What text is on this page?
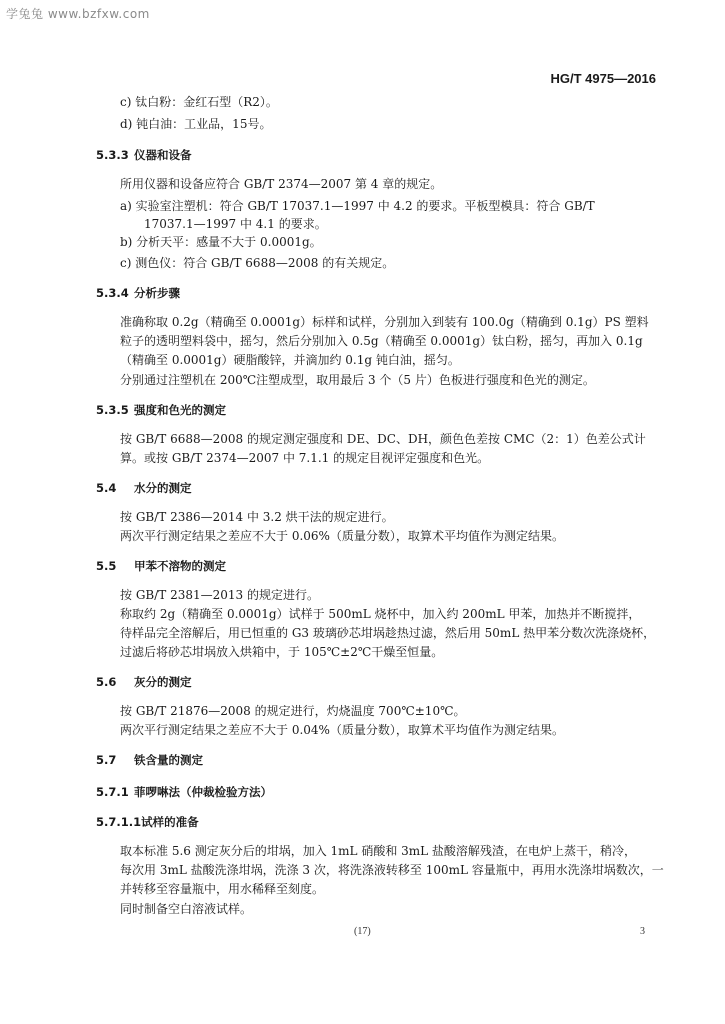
学兔兔 www.bzfxw.com
HG/T 4975—2016
c) 钛白粉：金红石型（R2）。
d) 钝白油：工业品，15号。
所用仪器和设备应符合 GB/T 2374—2007 第 4 章的规定。
a) 实验室注塑机：符合 GB/T 17037.1—1997 中 4.2 的要求。平板型模具：符合 GB/T
17037.1—1997 中 4.1 的要求。
b) 分析天平：感量不大于 0.0001g。
c) 测色仪：符合 GB/T 6688—2008 的有关规定。
准确称取 0.2g（精确至 0.0001g）标样和试样，分别加入到装有 100.0g（精确到 0.1g）PS 塑料
粒子的透明塑料袋中，摇匀，然后分别加入 0.5g（精确至 0.0001g）钛白粉，摇匀，再加入 0.1g
（精确至 0.0001g）硬脂酸锌，并滴加约 0.1g 钝白油，摇匀。
分别通过注塑机在 200℃注塑成型，取用最后 3 个（5 片）色板进行强度和色光的测定。
按 GB/T 6688—2008 的规定测定强度和 DE、DC、DH，颜色色差按 CMC（2：1）色差公式计
算。或按 GB/T 2374—2007 中 7.1.1 的规定目视评定强度和色光。
按 GB/T 2386—2014 中 3.2 烘干法的规定进行。
两次平行测定结果之差应不大于 0.06%（质量分数），取算术平均值作为测定结果。
按 GB/T 2381—2013 的规定进行。
称取约 2g（精确至 0.0001g）试样于 500mL 烧杯中，加入约 200mL 甲苯，加热并不断搅拌，
待样品完全溶解后，用已恒重的 G3 玻璃砂芯坩埚趁热过滤，然后用 50mL 热甲苯分数次洗涤烧杯，
过滤后将砂芯坩埚放入烘箱中，于 105℃±2℃干燥至恒量。
按 GB/T 21876—2008 的规定进行，灼烧温度 700℃±10℃。
两次平行测定结果之差应不大于 0.04%（质量分数），取算术平均值作为测定结果。
取本标准 5.6 测定灰分后的坩埚，加入 1mL 硝酸和 3mL 盐酸溶解残渣，在电炉上蒸干，稍冷，
每次用 3mL 盐酸洗涤坩埚，洗涤 3 次，将洗涤液转移至 100mL 容量瓶中，再用水洗涤坩埚数次，一
并转移至容量瓶中，用水稀释至刻度。
同时制备空白溶液试样。
5.3.3 仪器和设备
5.3.4 分析步骤
5.3.5 强度和色光的测定
5.4 水分的测定
5.5 甲苯不溶物的测定
5.6 灰分的测定
5.7 铁含量的测定
5.7.1 菲啰啉法（仲裁检验方法）
5.7.1.1试样的准备
(17)	3
